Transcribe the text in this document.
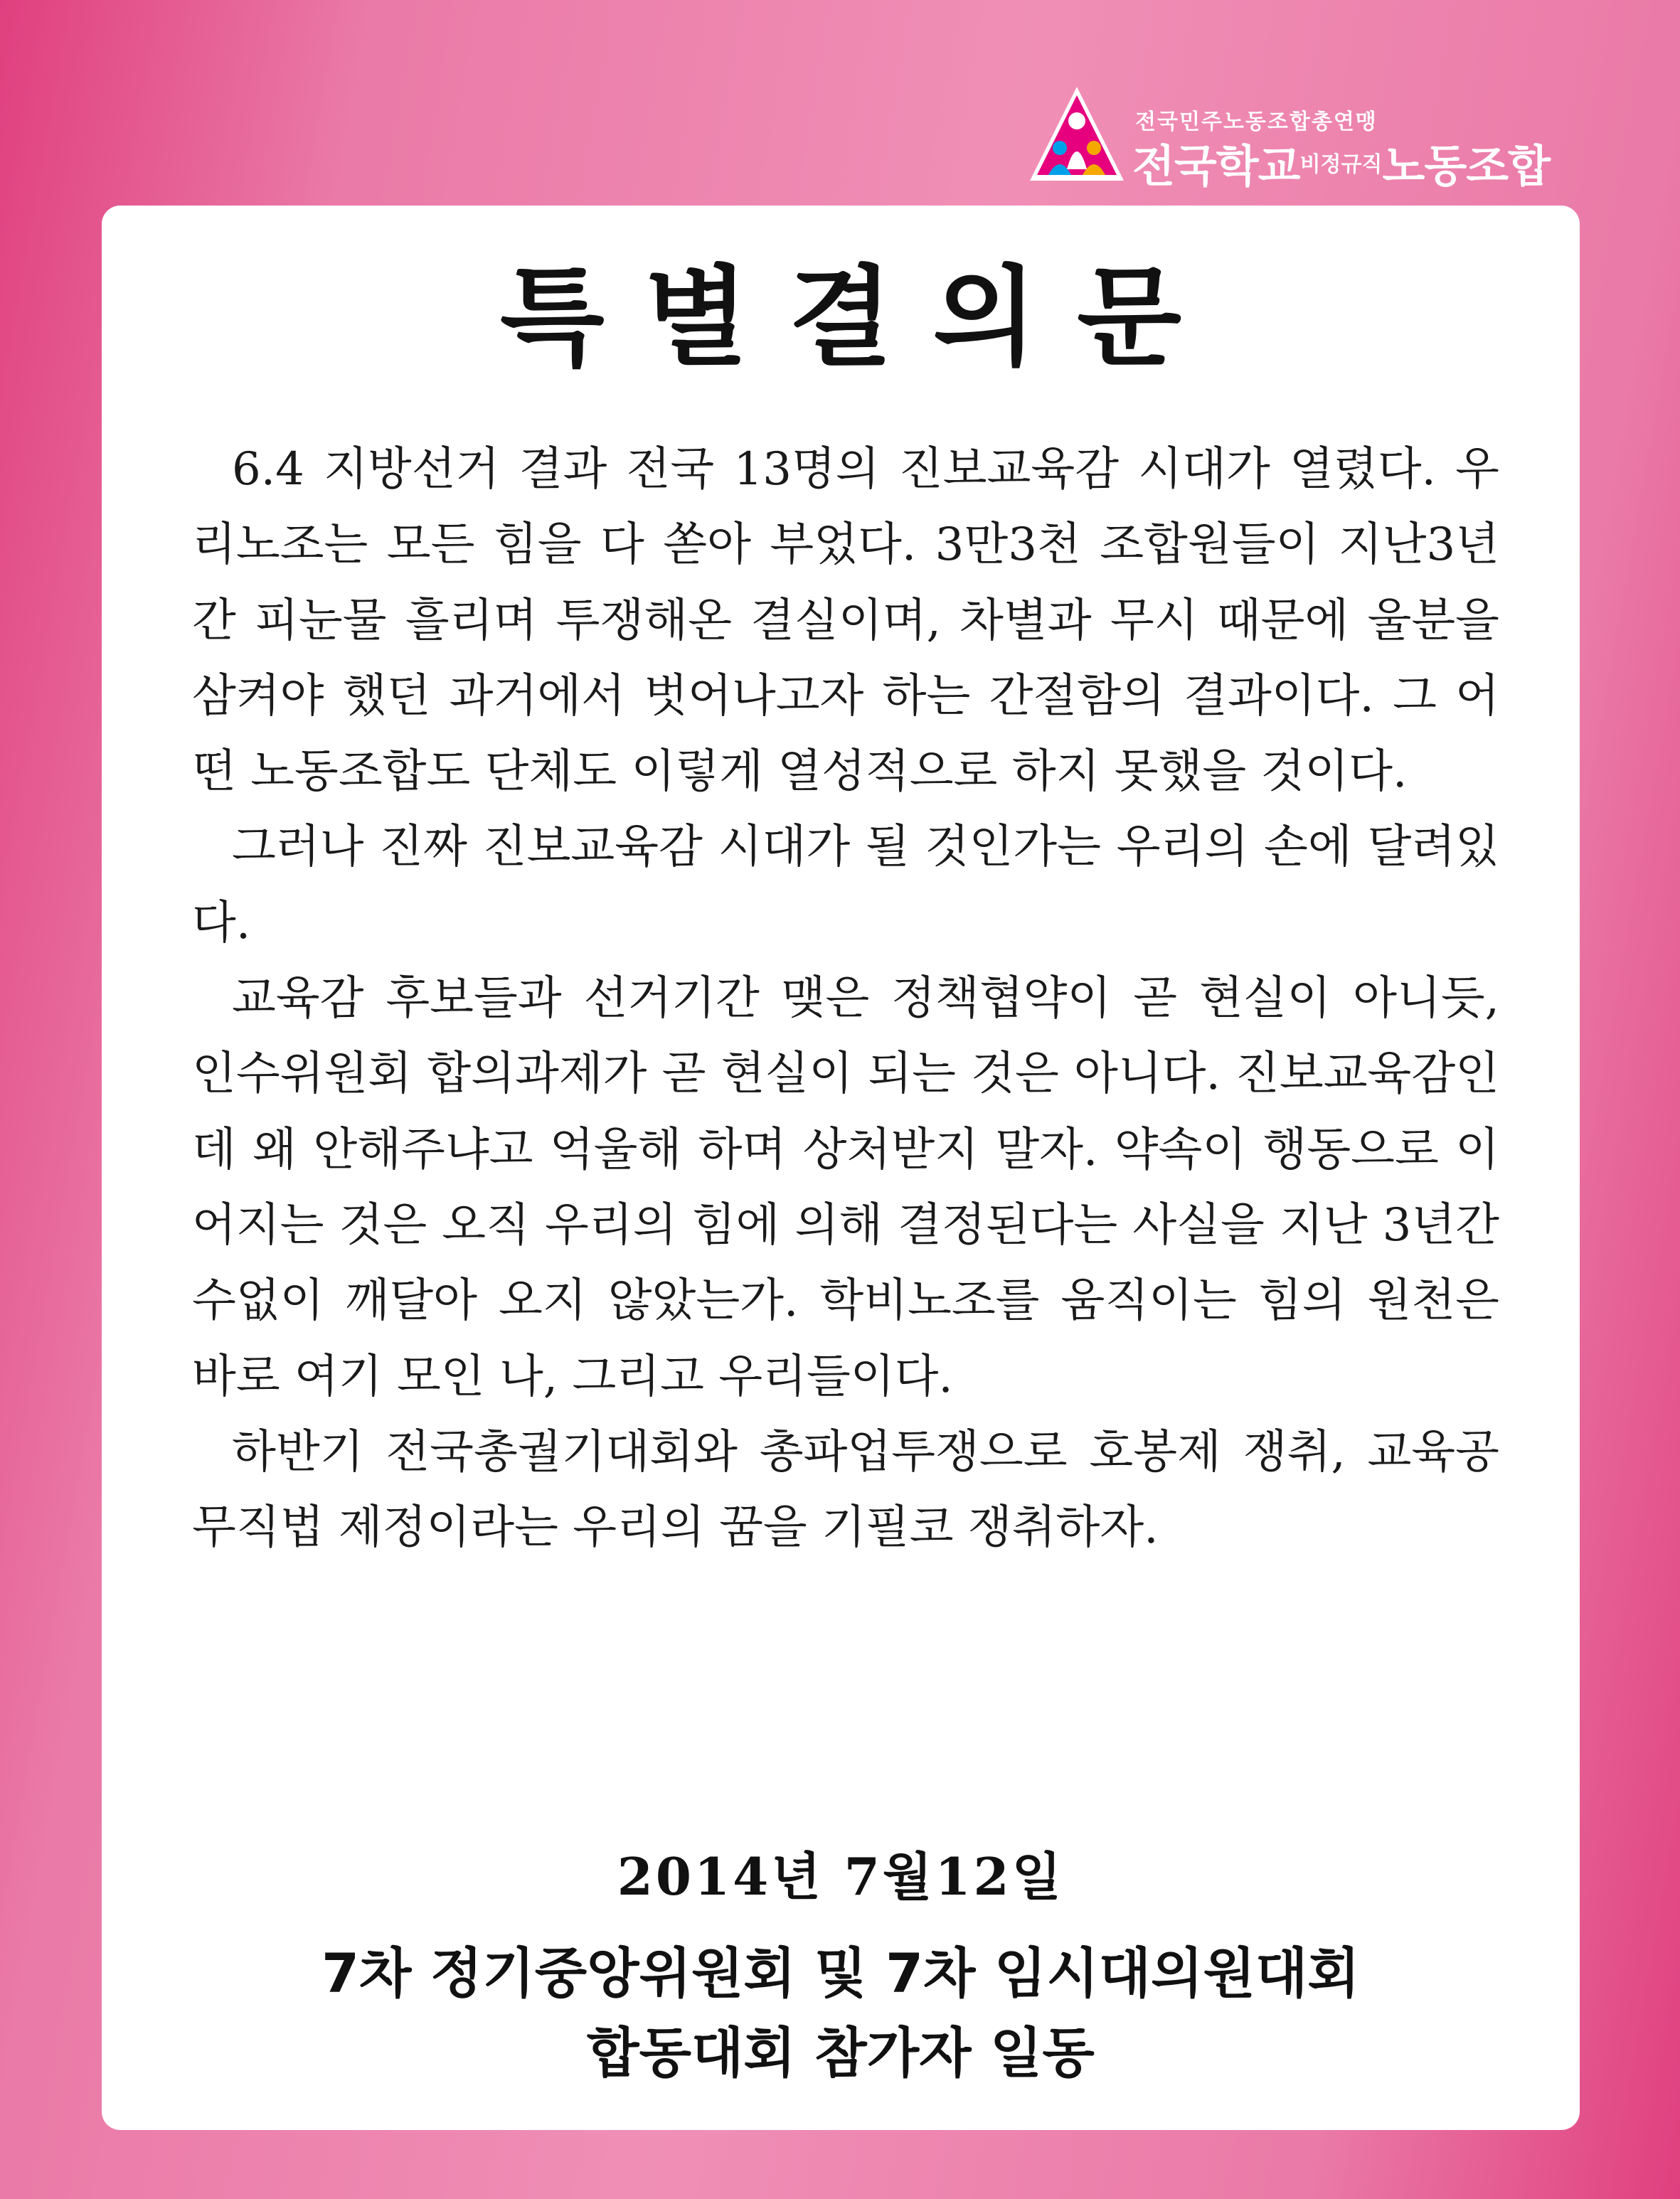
전국민주노동조합총연맹
전국학교$^{비정규직}$노동조합
특별결의문

6.4 지방선거 결과 전국 13명의 진보교육감 시대가 열렸다. 우리노조는 모든 힘을 다 쏟아 부었다. 3만3천 조합원들이 지난3년간 피눈물 흘리며 투쟁해온 결실이며, 차별과 무시 때문에 울분을 삼켜야 했던 과거에서 벗어나고자 하는 간절함의 결과이다. 그 어떤 노동조합도 단체도 이렇게 열성적으로 하지 못했을 것이다.

그러나 진짜 진보교육감 시대가 될 것인가는 우리의 손에 달려있다.

교육감 후보들과 선거기간 맺은 정책협약이 곧 현실이 아니듯, 인수위원회 합의과제가 곧 현실이 되는 것은 아니다. 진보교육감인데 왜 안해주냐고 억울해 하며 상처받지 말자. 약속이 행동으로 이어지는 것은 오직 우리의 힘에 의해 결정된다는 사실을 지난 3년간 수없이 깨달아 오지 않았는가. 학비노조를 움직이는 힘의 원천은 바로 여기 모인 나, 그리고 우리들이다.

하반기 전국총궐기대회와 총파업투쟁으로 호봉제 쟁취, 교육공무직법 제정이라는 우리의 꿈을 기필코 쟁취하자.

2014년 7월12일
7차 정기중앙위원회 및 7차 임시대의원대회
합동대회 참가자 일동
